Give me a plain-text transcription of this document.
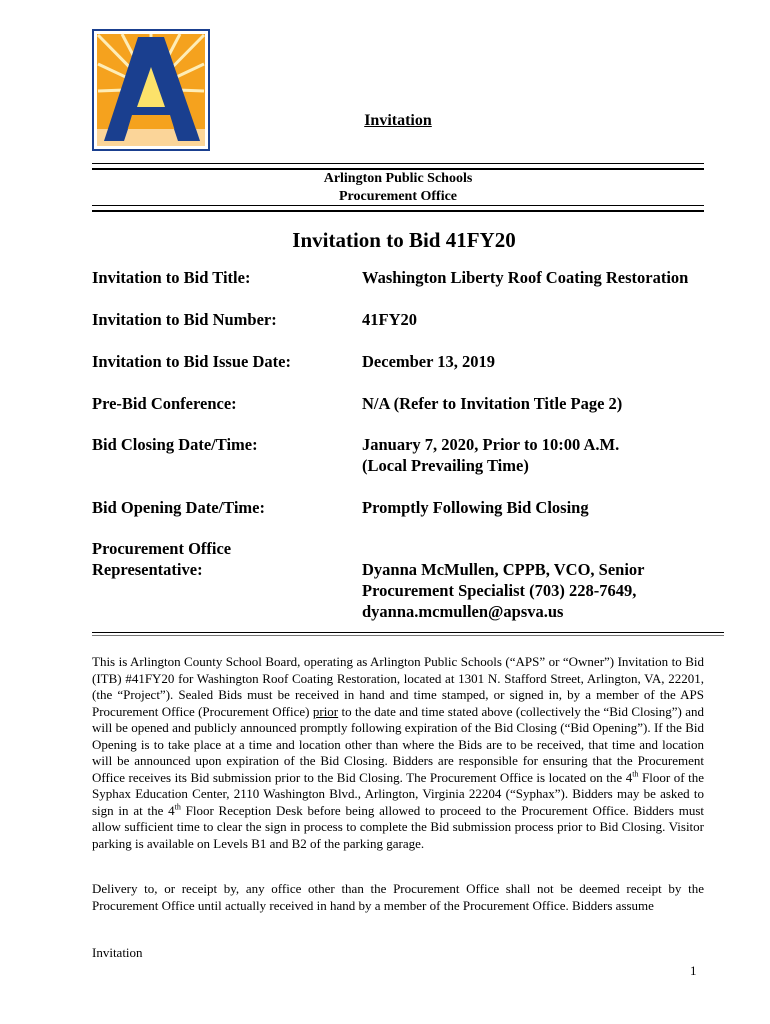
Invitation
Arlington Public Schools
Procurement Office
Invitation to Bid 41FY20
Invitation to Bid Title:	Washington Liberty Roof Coating Restoration
Invitation to Bid Number:	41FY20
Invitation to Bid Issue Date:	December 13, 2019
Pre-Bid Conference:	N/A (Refer to Invitation Title Page 2)
Bid Closing Date/Time:	January 7, 2020, Prior to 10:00 A.M.
(Local Prevailing Time)
Bid Opening Date/Time:	Promptly Following Bid Closing
Procurement Office
Representative:	Dyanna McMullen, CPPB, VCO, Senior
Procurement Specialist (703) 228-7649,
dyanna.mcmullen@apsva.us
This is Arlington County School Board, operating as Arlington Public Schools (“APS” or “Owner”) Invitation to Bid (ITB) #41FY20 for Washington Roof Coating Restoration, located at 1301 N. Stafford Street, Arlington, VA, 22201, (the “Project”). Sealed Bids must be received in hand and time stamped, or signed in, by a member of the APS Procurement Office (Procurement Office) prior to the date and time stated above (collectively the “Bid Closing”) and will be opened and publicly announced promptly following expiration of the Bid Closing (“Bid Opening”). If the Bid Opening is to take place at a time and location other than where the Bids are to be received, that time and location will be announced upon expiration of the Bid Closing. Bidders are responsible for ensuring that the Procurement Office receives its Bid submission prior to the Bid Closing. The Procurement Office is located on the 4th Floor of the Syphax Education Center, 2110 Washington Blvd., Arlington, Virginia 22204 (“Syphax”). Bidders may be asked to sign in at the 4th Floor Reception Desk before being allowed to proceed to the Procurement Office. Bidders must allow sufficient time to clear the sign in process to complete the Bid submission process prior to Bid Closing. Visitor parking is available on Levels B1 and B2 of the parking garage.
Delivery to, or receipt by, any office other than the Procurement Office shall not be deemed receipt by the Procurement Office until actually received in hand by a member of the Procurement Office. Bidders assume
Invitation
1
